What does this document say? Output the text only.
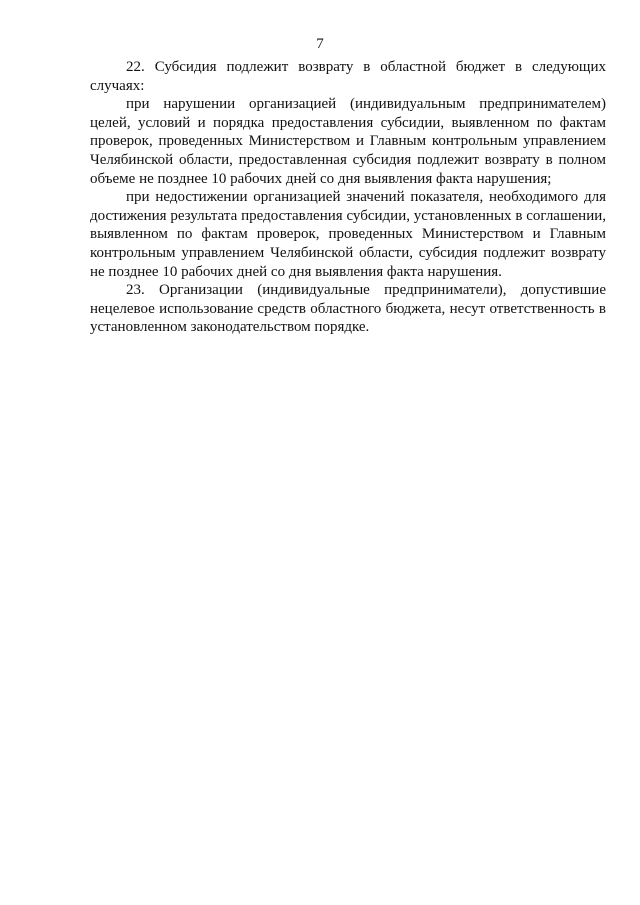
7

22. Субсидия подлежит возврату в областной бюджет в следующих случаях:

при нарушении организацией (индивидуальным предпринимателем) целей, условий и порядка предоставления субсидии, выявленном по фактам проверок, проведенных Министерством и Главным контрольным управлением Челябинской области, предоставленная субсидия подлежит возврату в полном объеме не позднее 10 рабочих дней со дня выявления факта нарушения;

при недостижении организацией значений показателя, необходимого для достижения результата предоставления субсидии, установленных в соглашении, выявленном по фактам проверок, проведенных Министерством и Главным контрольным управлением Челябинской области, субсидия подлежит возврату не позднее 10 рабочих дней со дня выявления факта нарушения.

23. Организации (индивидуальные предприниматели), допустившие нецелевое использование средств областного бюджета, несут ответственность в установленном законодательством порядке.
